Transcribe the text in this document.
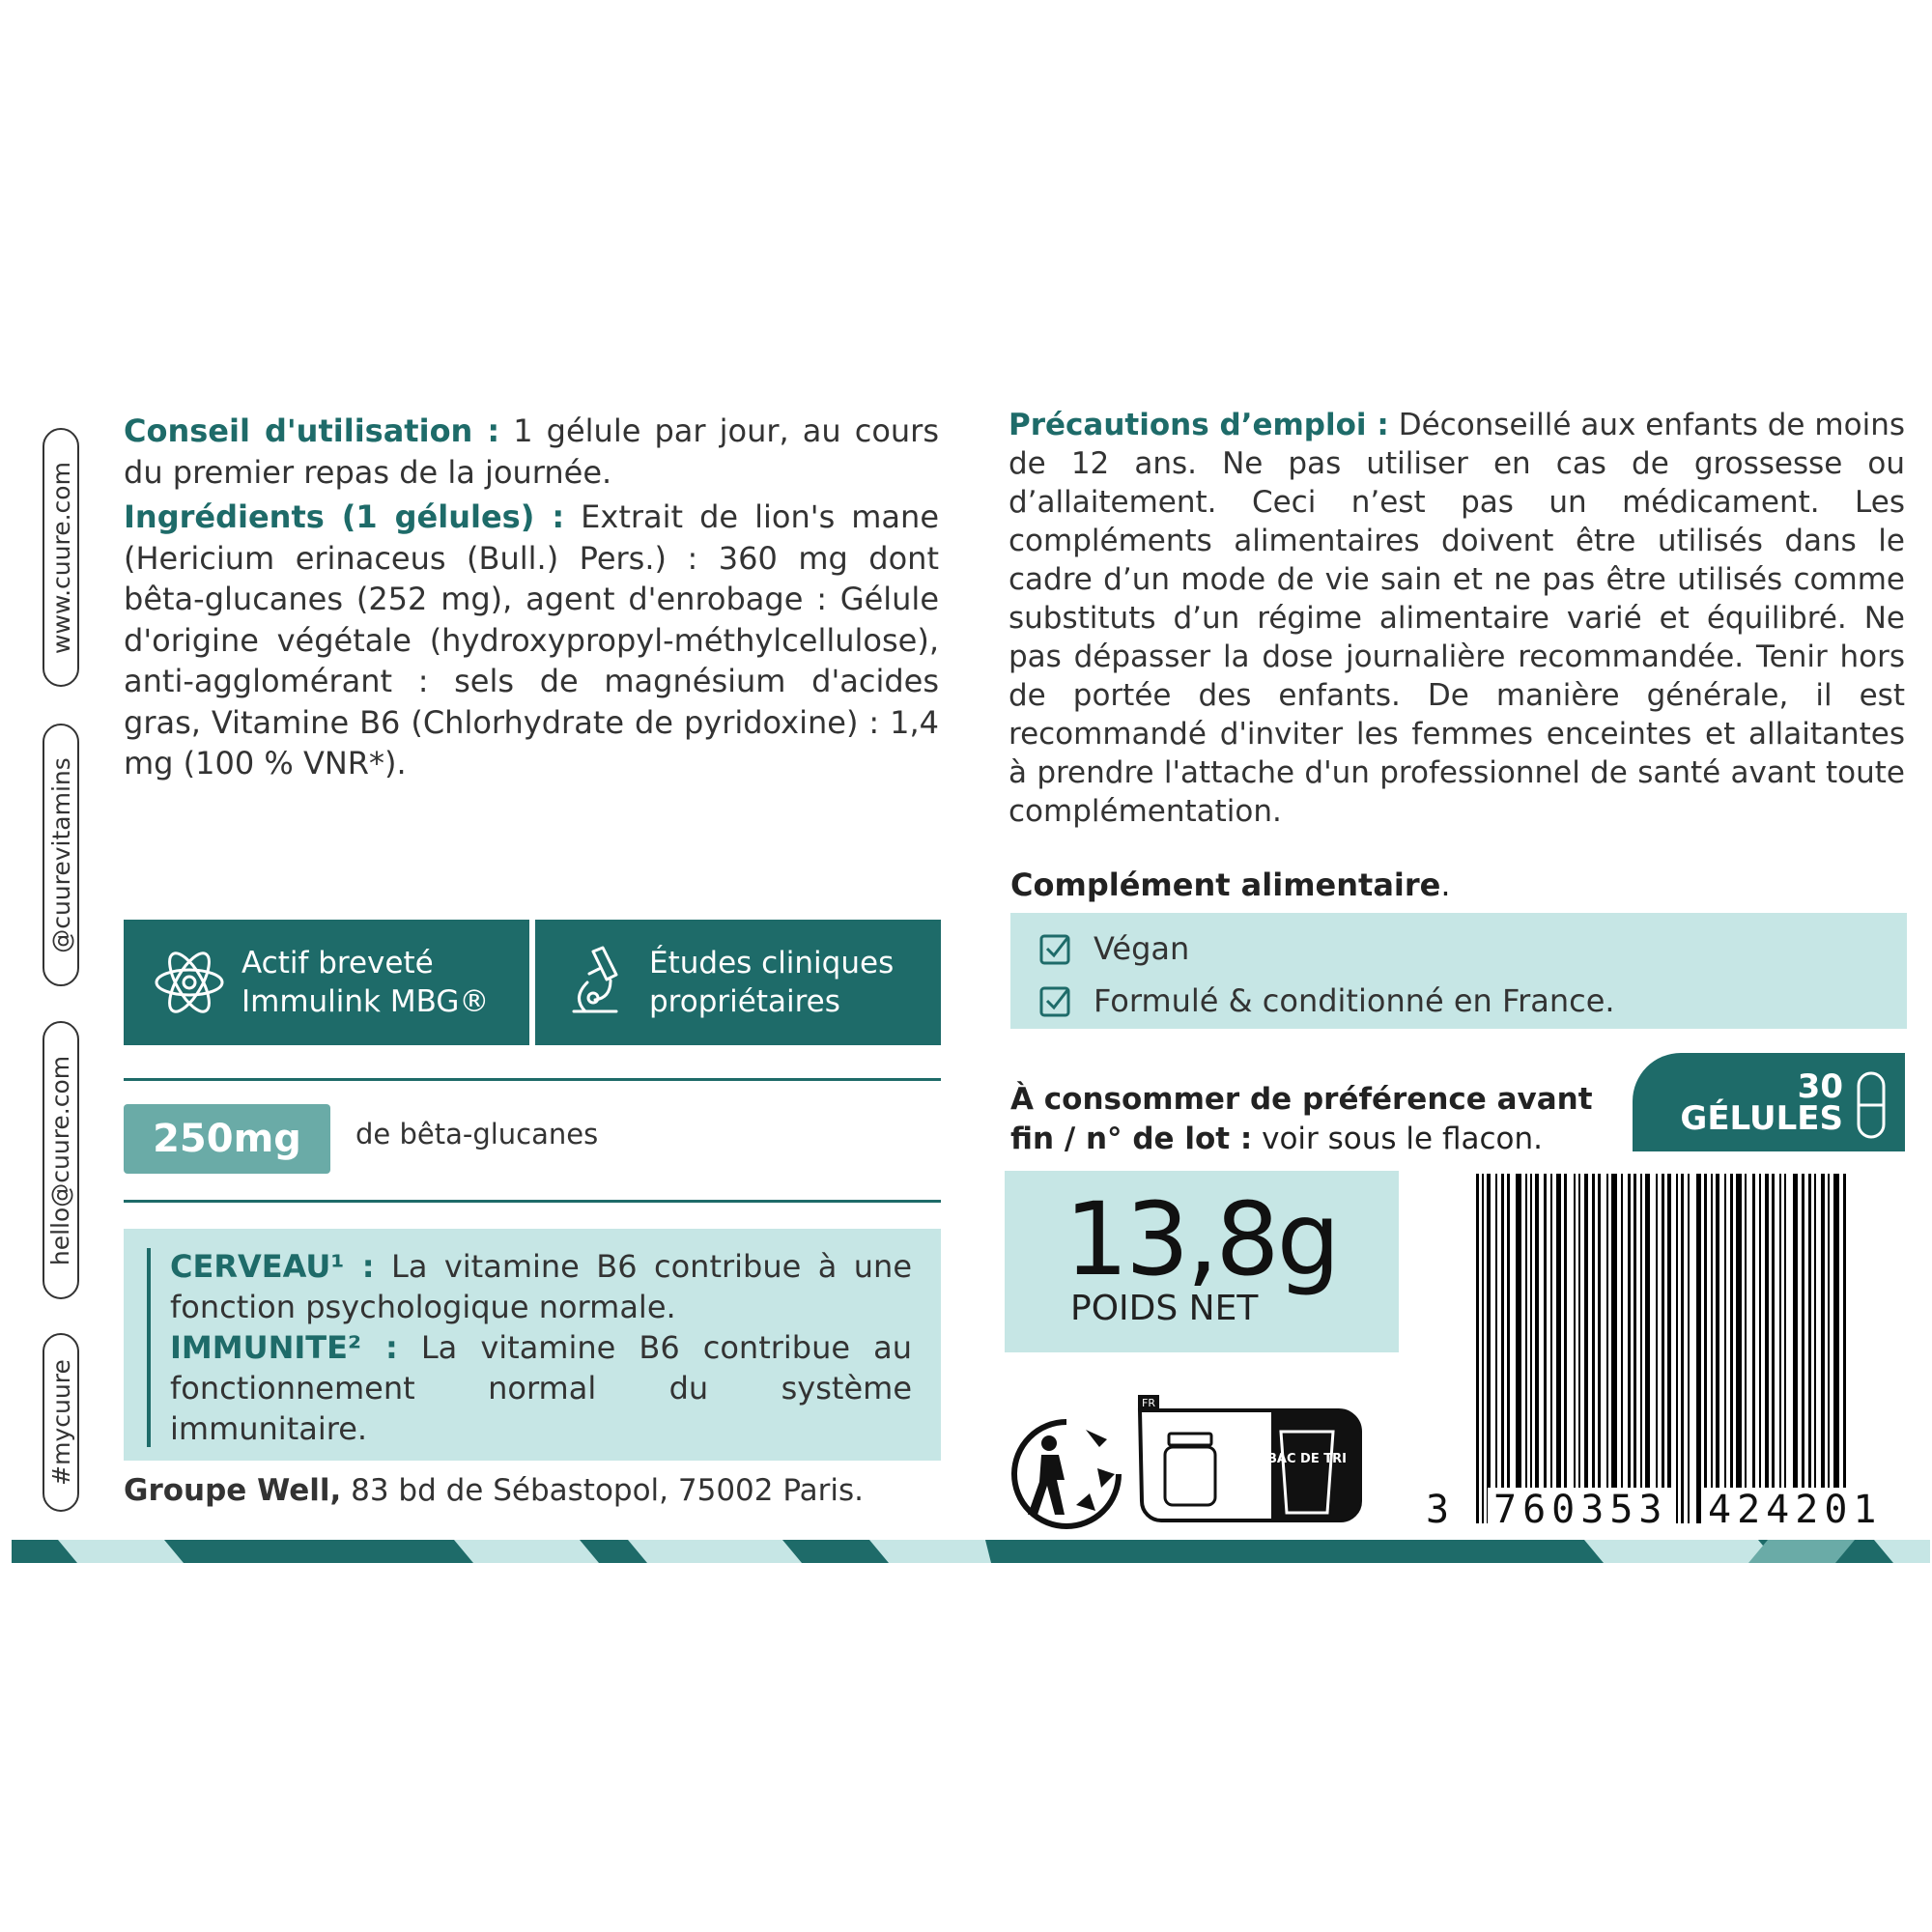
www.cuure.com
@cuurevitamins
hello@cuure.com
#mycuure
Conseil d'utilisation : 1 gélule par jour, au cours du premier repas de la journée.
Ingrédients (1 gélules) : Extrait de lion's mane (Hericium erinaceus (Bull.) Pers.) : 360 mg dont bêta-glucanes (252 mg), agent d'enrobage : Gélule d'origine végétale (hydroxypropyl-méthylcellulose), anti-agglomérant : sels de magnésium d'acides gras, Vitamine B6 (Chlorhydrate de pyridoxine) : 1,4 mg (100 % VNR*).
Actif breveté
Immulink MBG®
Études cliniques
propriétaires
250mg de bêta-glucanes
CERVEAU¹ : La vitamine B6 contribue à une fonction psychologique normale.
IMMUNITE² : La vitamine B6 contribue au fonctionnement normal du système immunitaire.
Groupe Well, 83 bd de Sébastopol, 75002 Paris.
Précautions d’emploi : Déconseillé aux enfants de moins de 12 ans. Ne pas utiliser en cas de grossesse ou d’allaitement. Ceci n’est pas un médicament. Les compléments alimentaires doivent être utilisés dans le cadre d’un mode de vie sain et ne pas être utilisés comme substituts d’un régime alimentaire varié et équilibré. Ne pas dépasser la dose journalière recommandée. Tenir hors de portée des enfants. De manière générale, il est recommandé d'inviter les femmes enceintes et allaitantes à prendre l'attache d'un professionnel de santé avant toute complémentation.
Complément alimentaire.
Végan
Formulé & conditionné en France.
À consommer de préférence avant
fin / n° de lot : voir sous le flacon.
30
GÉLULES
13,8g
POIDS NET
FR
BAC DE TRI
3 760353 424201
